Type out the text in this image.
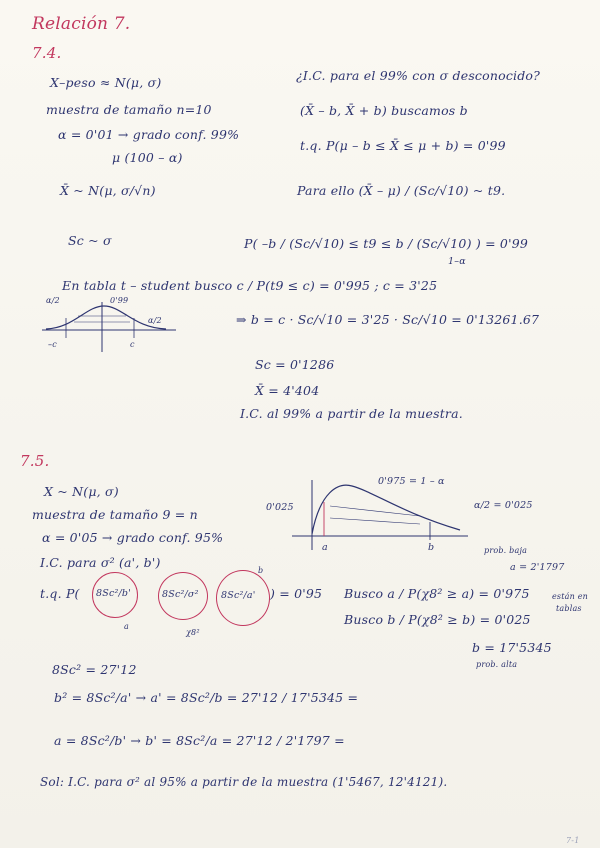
Relación 7.
7.4.
X–peso ≈ N(μ, σ)
muestra de tamaño n=10
α = 0'01 → grado conf. 99%
μ (100 – α)
X̄ ~ N(μ, σ/√n)
Sc ~ σ
¿I.C. para el 99% con σ desconocido?
(X̄ – b, X̄ + b) buscamos b
t.q. P(μ – b ≤ X̄ ≤ μ + b) = 0'99
Para ello (X̄ – μ) / (Sc/√10) ~ t9.
P( –b / (Sc/√10) ≤ t9 ≤ b / (Sc/√10) ) = 0'99
1–α
En tabla t – student busco c / P(t9 ≤ c) = 0'995 ; c = 3'25
α/2	0'99
α/2
–c	c
⇒ b = c · Sc/√10 = 3'25 · Sc/√10 = 0'13261.67
Sc = 0'1286
X̄ = 4'404
I.C. al 99% a partir de la muestra.
7.5.
X ~ N(μ, σ)
muestra de tamaño 9 = n
α = 0'05 → grado conf. 95%
I.C. para σ² (a', b')
0'025
0'975 = 1 – α
α/2 = 0'025
a	b	prob. baja
a = 2'1797
están en
tablas
t.q. P( 8Sc²/b'	8Sc²/σ² 8Sc²/a' ) = 0'95
a
χ8²
b
Busco a / P(χ8² ≥ a) = 0'975
Busco b / P(χ8² ≥ b) = 0'025
b = 17'5345
prob. alta
8Sc² = 27'12
b² = 8Sc²/a' → a' = 8Sc²/b = 27'12 / 17'5345 =
a = 8Sc²/b' → b' = 8Sc²/a = 27'12 / 2'1797 =
Sol: I.C. para σ² al 95% a partir de la muestra (1'5467, 12'4121).
7-1
